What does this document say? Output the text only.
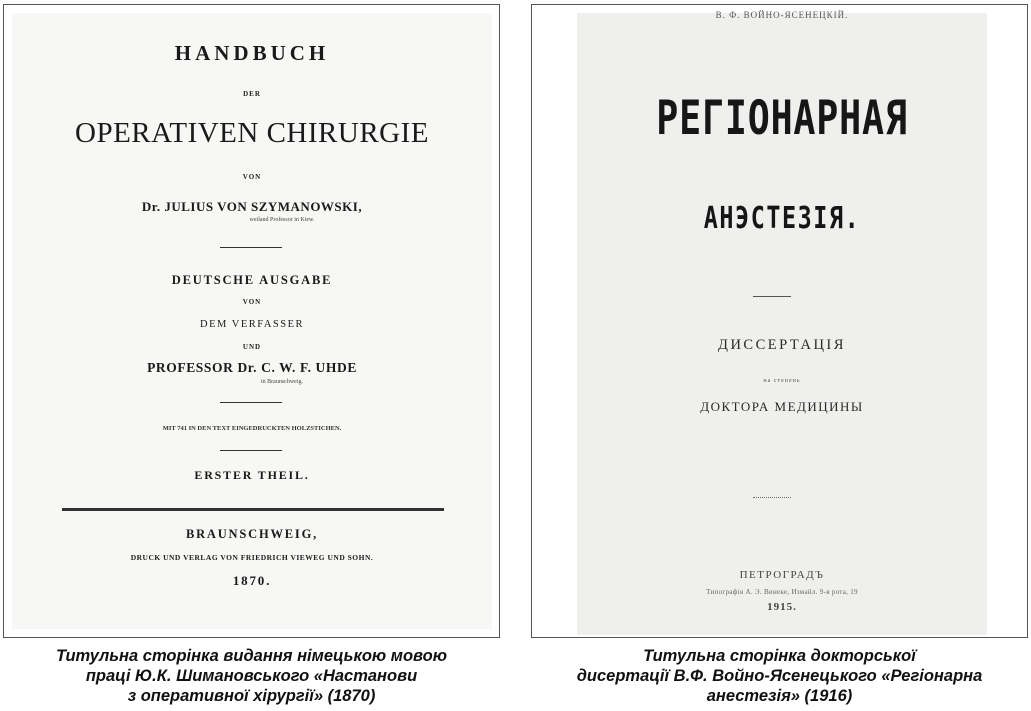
HANDBUCH
DER
OPERATIVEN CHIRURGIE
VON
Dr. JULIUS VON SZYMANOWSKI,
weiland Professor in Kiew.
DEUTSCHE AUSGABE
VON
DEM VERFASSER
UND
PROFESSOR Dr. C. W. F. UHDE
in Braunschweig.
MIT 741 IN DEN TEXT EINGEDRUCKTEN HOLZSTICHEN.
ERSTER THEIL.
BRAUNSCHWEIG,
DRUCK UND VERLAG VON FRIEDRICH VIEWEG UND SOHN.
1870.
В. Ф. ВОЙНО-ЯСЕНЕЦКІЙ.
РЕГІОНАРНАЯ
АНЭСТЕЗІЯ.
ДИССЕРТАЦІЯ
на степень
ДОКТОРА МЕДИЦИНЫ
ПЕТРОГРАДЪ
Типографія А. Э. Винеке, Измайл. 9-я рота, 19
1915.
Титульна сторінка видання німецькою мовою
праці Ю.К. Шимановського «Настанови
з оперативної хірургії» (1870)
Титульна сторінка докторської
дисертації В.Ф. Войно-Ясенецького «Регіонарна
анестезія» (1916)
